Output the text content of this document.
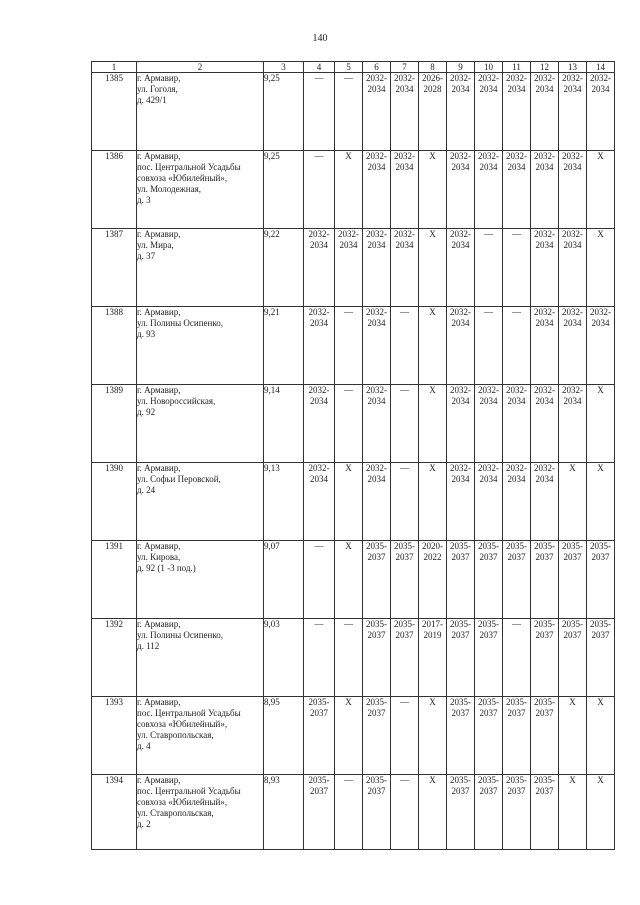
140
1	2	3	4	5	6	7	8	9	10	11	12	13	14
1385	г. Армавир,
ул. Гоголя,
д. 429/1	9,25	—	—	2032-
2034	2032-
2034	2026-
2028	2032-
2034	2032-
2034	2032-
2034	2032-
2034	2032-
2034	2032-
2034
1386	г. Армавир,
пос. Центральной Усадьбы
совхоза «Юбилейный»,
ул. Молодежная,
д. 3	9,25	—	X	2032-
2034	2032-
2034	X	2032-
2034	2032-
2034	2032-
2034	2032-
2034	2032-
2034	X
1387	г. Армавир,
ул. Мира,
д. 37	9,22	2032-
2034	2032-
2034	2032-
2034	2032-
2034	X	2032-
2034	—	—	2032-
2034	2032-
2034	X
1388	г. Армавир,
ул. Полины Осипенко,
д. 93	9,21	2032-
2034	—	2032-
2034	—	X	2032-
2034	—	—	2032-
2034	2032-
2034	2032-
2034
1389	г. Армавир,
ул. Новороссийская,
д. 92	9,14	2032-
2034	—	2032-
2034	—	X	2032-
2034	2032-
2034	2032-
2034	2032-
2034	2032-
2034	X
1390	г. Армавир,
ул. Софьи Перовской,
д. 24	9,13	2032-
2034	X	2032-
2034	—	X	2032-
2034	2032-
2034	2032-
2034	2032-
2034	X	X
1391	г. Армавир,
ул. Кирова,
д. 92 (1 -3 под.)	9,07	—	X	2035-
2037	2035-
2037	2020-
2022	2035-
2037	2035-
2037	2035-
2037	2035-
2037	2035-
2037	2035-
2037
1392	г. Армавир,
ул. Полины Осипенко,
д. 112	9,03	—	—	2035-
2037	2035-
2037	2017-
2019	2035-
2037	2035-
2037	—	2035-
2037	2035-
2037	2035-
2037
1393	г. Армавир,
пос. Центральной Усадьбы
совхоза «Юбилейный»,
ул. Ставропольская,
д. 4	8,95	2035-
2037	X	2035-
2037	—	X	2035-
2037	2035-
2037	2035-
2037	2035-
2037	X	X
1394	г. Армавир,
пос. Центральной Усадьбы
совхоза «Юбилейный»,
ул. Ставропольская,
д. 2	8,93	2035-
2037	—	2035-
2037	—	X	2035-
2037	2035-
2037	2035-
2037	2035-
2037	X	X
